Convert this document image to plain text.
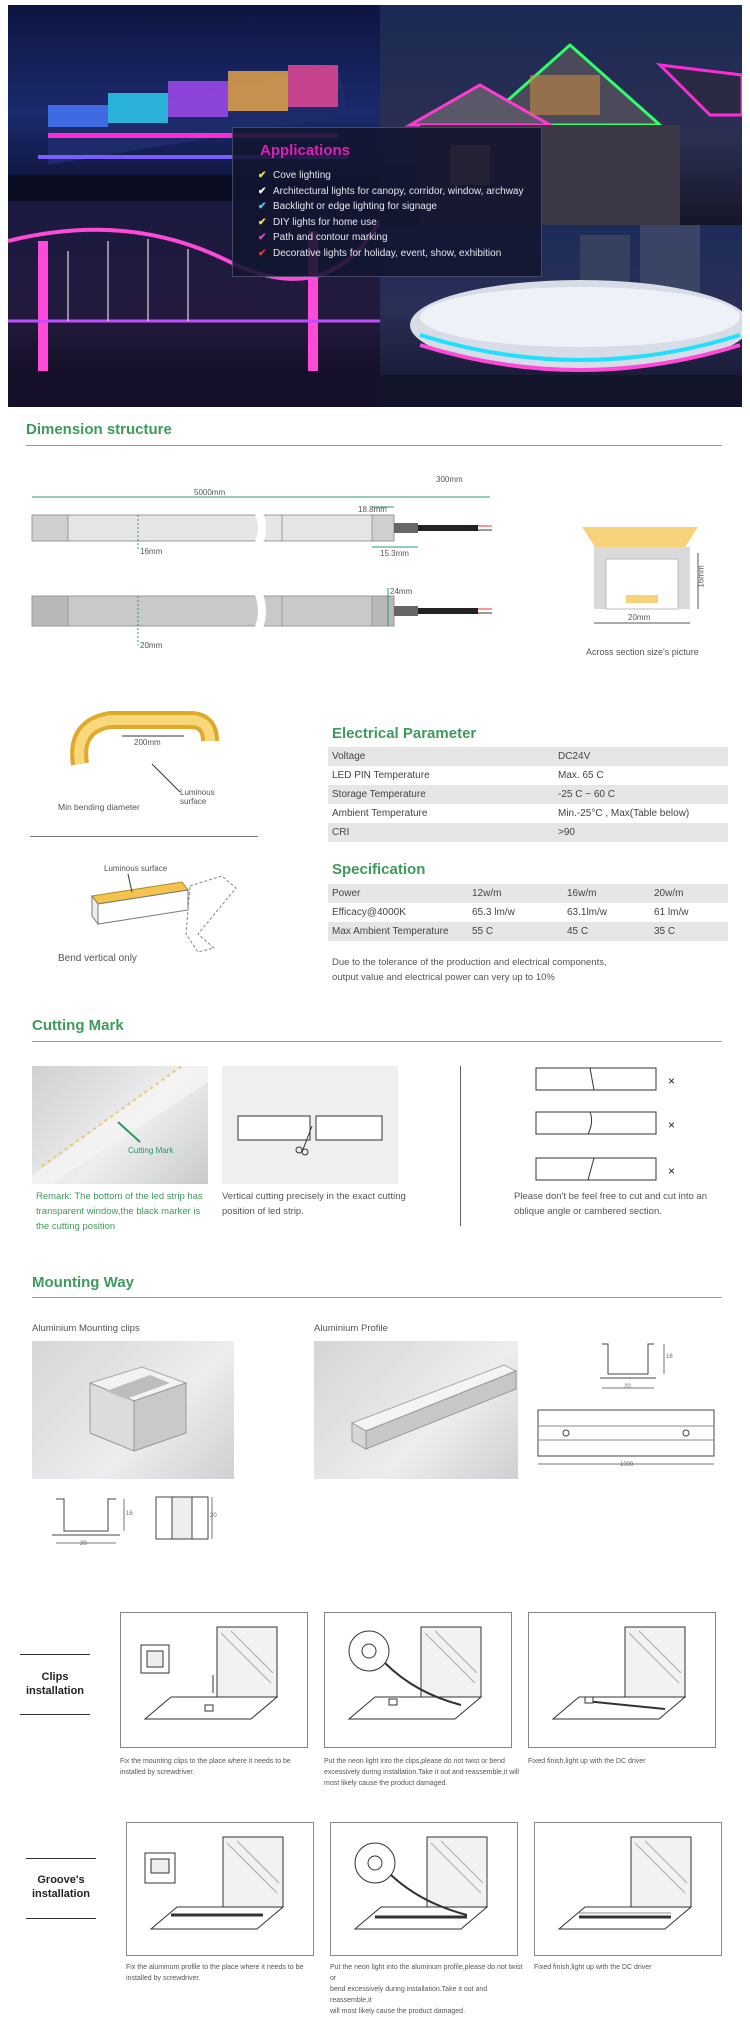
Applications
✔ Cove lighting
✔ Architectural lights for canopy, corridor, window, archway
✔ Backlight or edge lighting for signage
✔ DIY lights for home use
✔ Path and contour marking
✔ Decorative lights for holiday, event, show, exhibition
Dimension structure
5000mm
300mm
18.8mm
16mm	15.3mm
24mm
20mm
16mm
20mm
Across section size's picture
200mm
Luminous surface
Min bending diameter
Luminous surface
Bend vertical only
Electrical Parameter
Voltage	DC24V
LED PIN Temperature	Max. 65 C
Storage Temperature	-25 C ~ 60 C
Ambient Temperature	Min.-25°C , Max(Table below)
CRI	>90
Specification
Power	12w/m	16w/m	20w/m
Efficacy@4000K	65.3 lm/w	63.1lm/w	61 lm/w
Max Ambient Temperature 55 C	45 C	35 C
Due to the tolerance of the production and electrical components,
output value and electrical power can very up to 10%
Cutting Mark
Cutting Mark
Remark: The bottom of the led strip has
transparent window,the black marker is
the cutting position
Vertical cutting precisely in the exact cutting
position of led strip.
×
×
×
Please don't be feel free to cut and cut into an
oblique angle or cambered section.
Mounting Way
Aluminium Mounting clips
20
16	20
Aluminium Profile
20
16
1000
Clips
installation
Fix the mounting clips to the place where it needs to be
installed by screwdriver.
Put the neon light into the clips,please do not twist or bend
excessively during installation.Take it out and reassemble,it will
most likely cause the product damaged.
Fixed finish,light up with the DC driver
Groove's
installation
Fix the aluminum profile to the place where it needs to be
installed by screwdriver.
Put the neon light into the aluminum profile,please do not twist or
bend excessively during installation.Take it out and reassemble,it
will most likely cause the product damaged.
Fixed finish,light up with the DC driver
